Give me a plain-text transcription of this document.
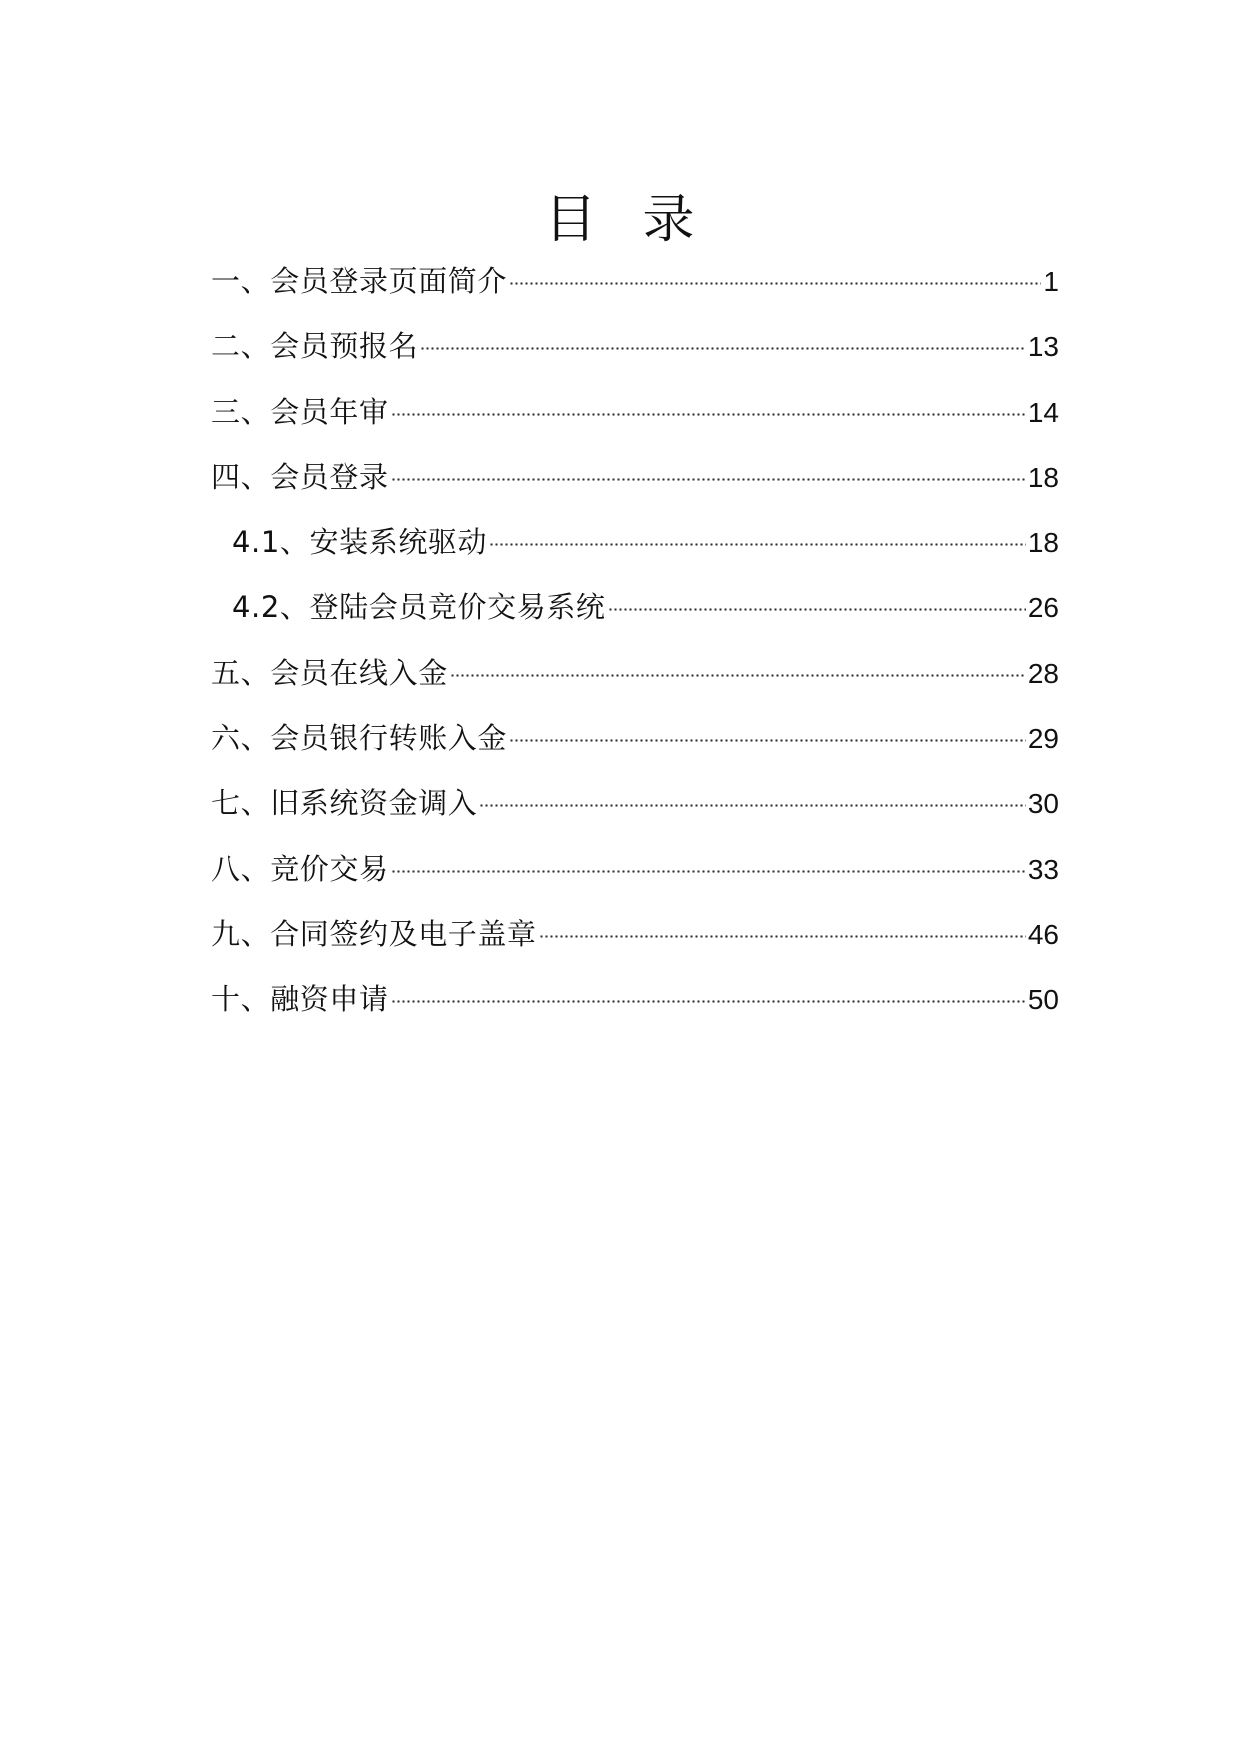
目 录
一、会员登录页面简介	1
二、会员预报名	13
三、会员年审	14
四、会员登录	18
4.1、安装系统驱动	18
4.2、登陆会员竞价交易系统	26
五、会员在线入金	28
六、会员银行转账入金	29
七、旧系统资金调入	30
八、竞价交易	33
九、合同签约及电子盖章	46
十、融资申请	50
